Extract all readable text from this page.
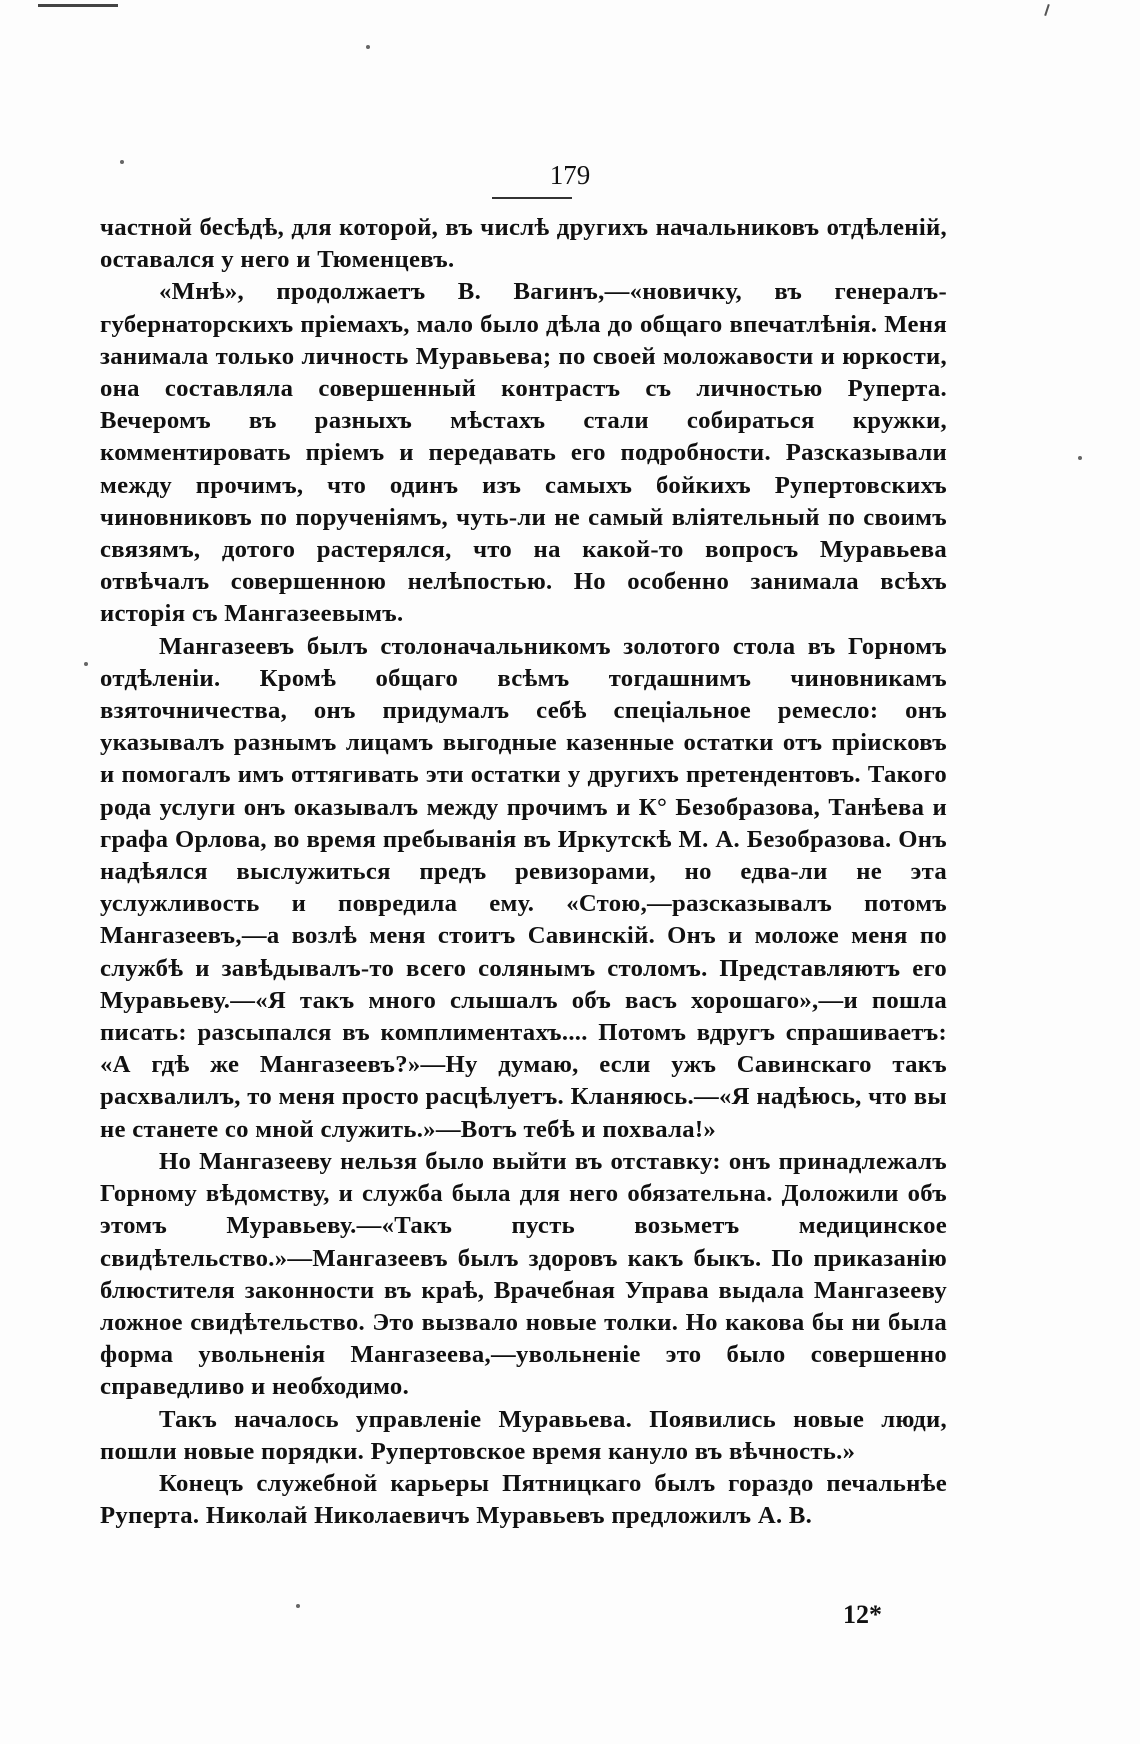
179

частной бесѣдѣ, для которой, въ числѣ другихъ начальниковъ отдѣленій, оставался у него и Тюменцевъ.

«Мнѣ», продолжаетъ В. Вагинъ,—«новичку, въ генералъ-губернаторскихъ пріемахъ, мало было дѣла до общаго впечатлѣнія. Меня занимала только личность Муравьева; по своей моложавости и юркости, она составляла совершенный контрастъ съ личностью Руперта. Вечеромъ въ разныхъ мѣстахъ стали собираться кружки, комментировать пріемъ и передавать его подробности. Разсказывали между прочимъ, что одинъ изъ самыхъ бойкихъ Рупертовскихъ чиновниковъ по порученіямъ, чуть-ли не самый вліятельный по своимъ связямъ, дотого растерялся, что на какой-то вопросъ Муравьева отвѣчалъ совершенною нелѣпостью. Но особенно занимала всѣхъ исторія съ Мангазеевымъ.

Мангазеевъ былъ столоначальникомъ золотого стола въ Горномъ отдѣленіи. Кромѣ общаго всѣмъ тогдашнимъ чиновникамъ взяточничества, онъ придумалъ себѣ спеціальное ремесло: онъ указывалъ разнымъ лицамъ выгодные казенные остатки отъ пріисковъ и помогалъ имъ оттягивать эти остатки у другихъ претендентовъ. Такого рода услуги онъ оказывалъ между прочимъ и К° Безобразова, Танѣева и графа Орлова, во время пребыванія въ Иркутскѣ М. А. Безобразова. Онъ надѣялся выслужиться предъ ревизорами, но едва-ли не эта услужливость и повредила ему. «Стою,—разсказывалъ потомъ Мангазеевъ,—а возлѣ меня стоитъ Савинскій. Онъ и моложе меня по службѣ и завѣдывалъ-то всего солянымъ столомъ. Представляютъ его Муравьеву.—«Я такъ много слышалъ объ васъ хорошаго»,—и пошла писать: разсыпался въ комплиментахъ.... Потомъ вдругъ спрашиваетъ: «А гдѣ же Мангазеевъ?»—Ну думаю, если ужъ Савинскаго такъ расхвалилъ, то меня просто расцѣлуетъ. Кланяюсь.—«Я надѣюсь, что вы не станете со мной служить.»—Вотъ тебѣ и похвала!»

Но Мангазееву нельзя было выйти въ отставку: онъ принадлежалъ Горному вѣдомству, и служба была для него обязательна. Доложили объ этомъ Муравьеву.—«Такъ пусть возьметъ медицинское свидѣтельство.»—Мангазеевъ былъ здоровъ какъ быкъ. По приказанію блюстителя законности въ краѣ, Врачебная Управа выдала Мангазееву ложное свидѣтельство. Это вызвало новые толки. Но какова бы ни была форма увольненія Мангазеева,—увольненіе это было совершенно справедливо и необходимо.

Такъ началось управленіе Муравьева. Появились новые люди, пошли новые порядки. Рупертовское время кануло въ вѣчность.»

Конецъ служебной карьеры Пятницкаго былъ гораздо печальнѣе Руперта. Николай Николаевичъ Муравьевъ предложилъ А. В.

12*
